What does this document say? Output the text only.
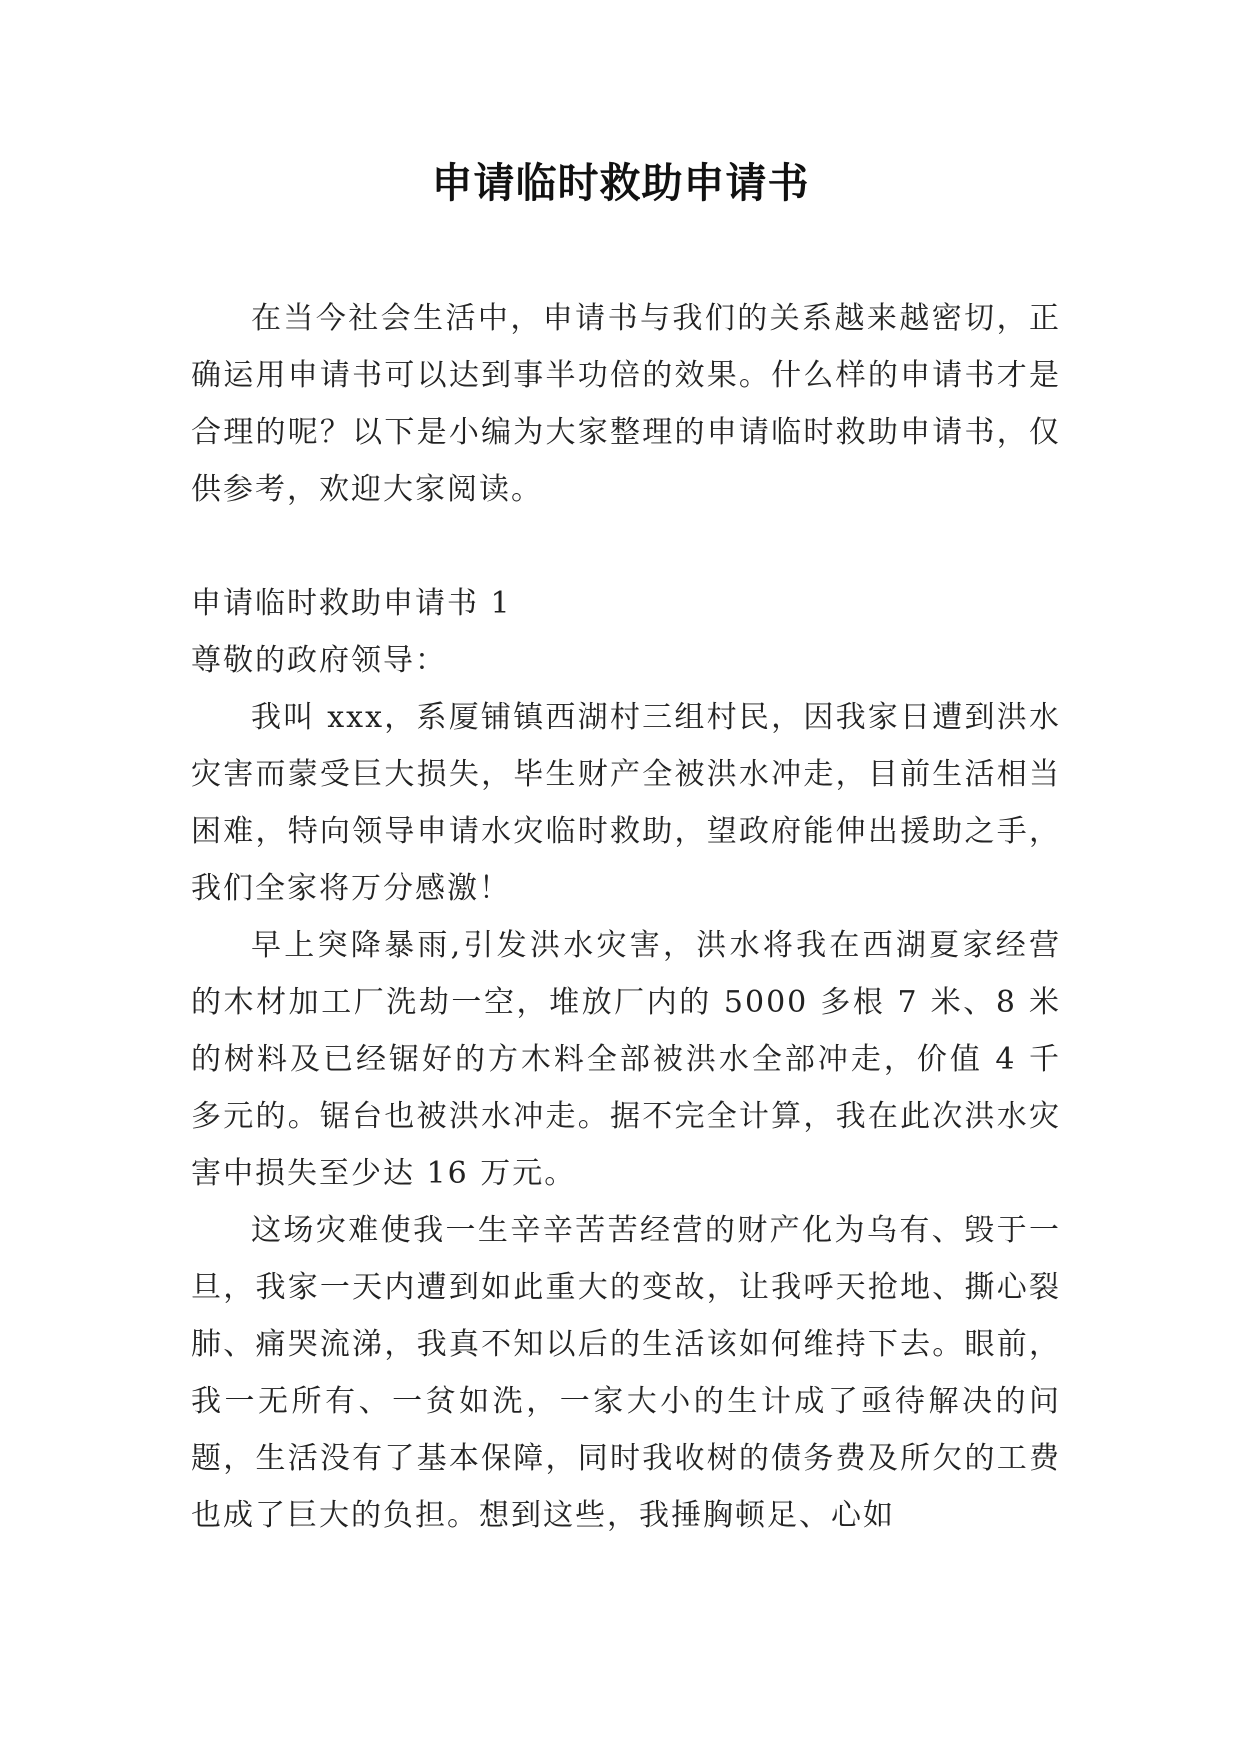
申请临时救助申请书

在当今社会生活中，申请书与我们的关系越来越密切，正确运用申请书可以达到事半功倍的效果。什么样的申请书才是合理的呢？以下是小编为大家整理的申请临时救助申请书，仅供参考，欢迎大家阅读。

申请临时救助申请书 1

尊敬的政府领导：

我叫 xxx，系厦铺镇西湖村三组村民，因我家日遭到洪水灾害而蒙受巨大损失，毕生财产全被洪水冲走，目前生活相当困难，特向领导申请水灾临时救助，望政府能伸出援助之手，我们全家将万分感激！

早上突降暴雨,引发洪水灾害，洪水将我在西湖夏家经营的木材加工厂洗劫一空，堆放厂内的 5000 多根 7 米、8 米的树料及已经锯好的方木料全部被洪水全部冲走，价值 4 千多元的。锯台也被洪水冲走。据不完全计算，我在此次洪水灾害中损失至少达 16 万元。

这场灾难使我一生辛辛苦苦经营的财产化为乌有、毁于一旦，我家一天内遭到如此重大的变故，让我呼天抢地、撕心裂肺、痛哭流涕，我真不知以后的生活该如何维持下去。眼前，我一无所有、一贫如洗，一家大小的生计成了亟待解决的问题，生活没有了基本保障，同时我收树的债务费及所欠的工费也成了巨大的负担。想到这些，我捶胸顿足、心如
